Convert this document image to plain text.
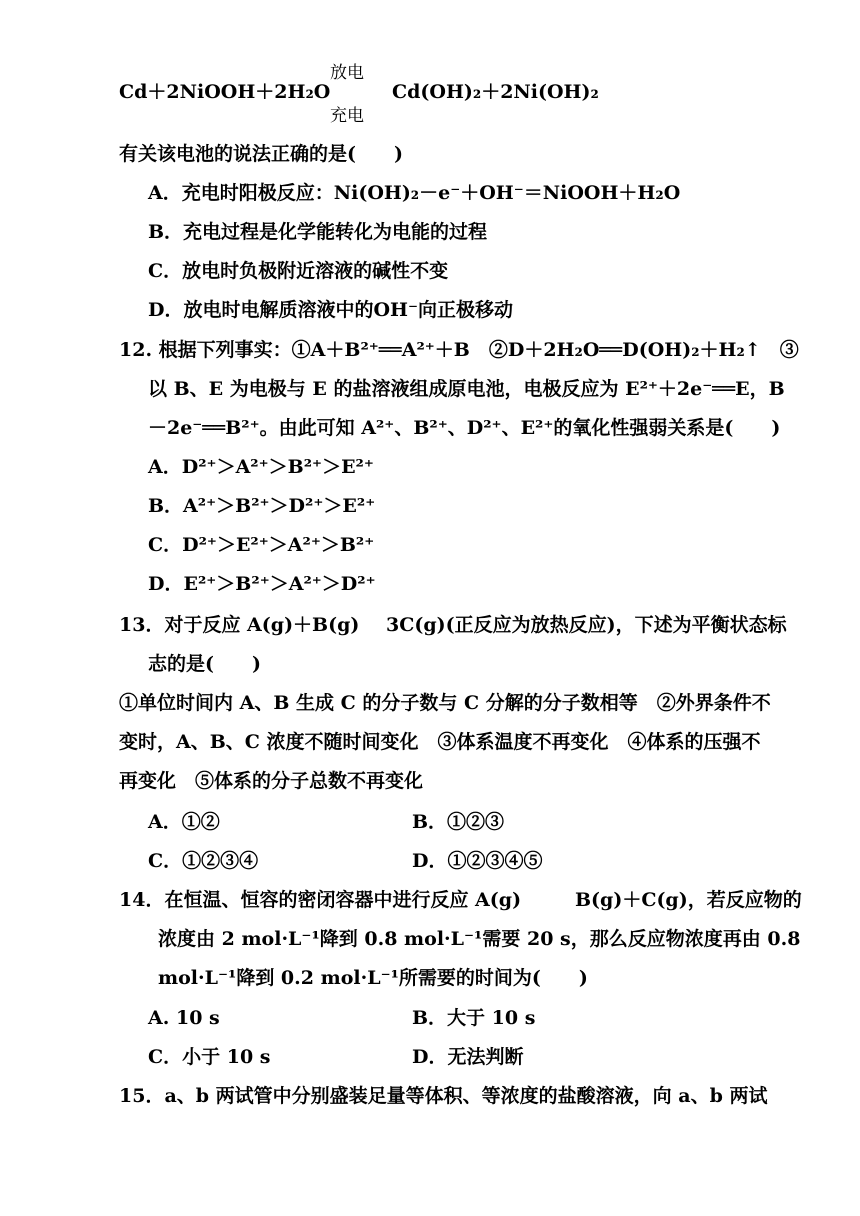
Cd＋2NiOOH＋2H₂O
放电
充电
Cd(OH)₂＋2Ni(OH)₂
有关该电池的说法正确的是(　　)
A．充电时阳极反应：Ni(OH)₂－e⁻＋OH⁻＝NiOOH＋H₂O
B．充电过程是化学能转化为电能的过程
C．放电时负极附近溶液的碱性不变
D．放电时电解质溶液中的OH⁻向正极移动
12. 根据下列事实：①A＋B²⁺══A²⁺＋B　②D＋2H₂O══D(OH)₂＋H₂↑　③
以 B、E 为电极与 E 的盐溶液组成原电池，电极反应为 E²⁺＋2e⁻══E，B
－2e⁻══B²⁺。由此可知 A²⁺、B²⁺、D²⁺、E²⁺的氧化性强弱关系是(　　)
A．D²⁺＞A²⁺＞B²⁺＞E²⁺
B．A²⁺＞B²⁺＞D²⁺＞E²⁺
C．D²⁺＞E²⁺＞A²⁺＞B²⁺
D．E²⁺＞B²⁺＞A²⁺＞D²⁺
13．对于反应 A(g)＋B(g) 3C(g)(正反应为放热反应)，下述为平衡状态标
志的是(　　)
①单位时间内 A、B 生成 C 的分子数与 C 分解的分子数相等　②外界条件不
变时，A、B、C 浓度不随时间变化　③体系温度不再变化　④体系的压强不
再变化　⑤体系的分子总数不再变化
A．①②	B．①②③
C．①②③④	D．①②③④⑤
14．在恒温、恒容的密闭容器中进行反应 A(g)	B(g)＋C(g)，若反应物的
浓度由 2 mol·L⁻¹降到 0.8 mol·L⁻¹需要 20 s，那么反应物浓度再由 0.8
mol·L⁻¹降到 0.2 mol·L⁻¹所需要的时间为(　　)
A. 10 s	B．大于 10 s
C．小于 10 s	D．无法判断
15．a、b 两试管中分别盛装足量等体积、等浓度的盐酸溶液，向 a、b 两试
